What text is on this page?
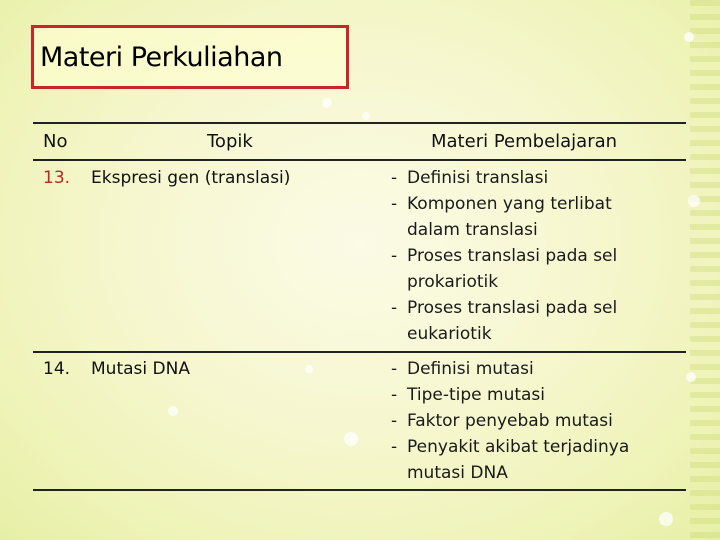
Materi Perkuliahan
No	Topik	Materi Pembelajaran
13. Ekspresi gen (translasi)	- Definisi translasi
- Komponen yang terlibat
dalam translasi
- Proses translasi pada sel
prokariotik
- Proses translasi pada sel
eukariotik
14. Mutasi DNA	- Definisi mutasi
- Tipe-tipe mutasi
- Faktor penyebab mutasi
- Penyakit akibat terjadinya
mutasi DNA
